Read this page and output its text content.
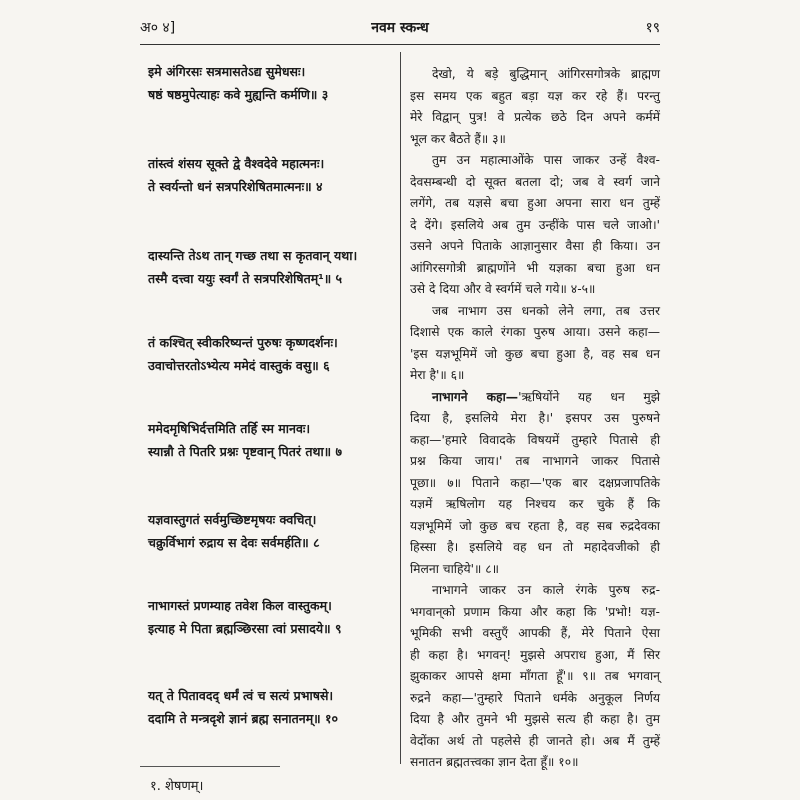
अ० ४]	नवम स्कन्ध	१९
इमे अंगिरसः सत्रमासतेऽद्य सुमेधसः।
षष्ठं षष्ठमुपेत्याहः कवे मुह्यन्ति कर्मणि॥ ३
तांस्त्वं शंसय सूक्ते द्वे वैश्वदेवे महात्मनः।
ते स्वर्यन्तो धनं सत्रपरिशेषितमात्मनः॥ ४
दास्यन्ति तेऽथ तान् गच्छ तथा स कृतवान् यथा।
तस्मै दत्त्वा ययुः स्वर्गं ते सत्रपरिशेषितम्¹॥ ५
तं कश्चित् स्वीकरिष्यन्तं पुरुषः कृष्णदर्शनः।
उवाचोत्तरतोऽभ्येत्य ममेदं वास्तुकं वसु॥ ६
ममेदमृषिभिर्दत्तमिति तर्हि स्म मानवः।
स्यान्नौ ते पितरि प्रश्नः पृष्टवान् पितरं तथा॥ ७
यज्ञवास्तुगतं सर्वमुच्छिष्टमृषयः क्वचित्।
चक्रुर्विभागं रुद्राय स देवः सर्वमर्हति॥ ८
नाभागस्तं प्रणम्याह तवेश किल वास्तुकम्।
इत्याह मे पिता ब्रह्मञ्छिरसा त्वां प्रसादये॥ ९
यत् ते पितावदद् धर्मं त्वं च सत्यं प्रभाषसे।
ददामि ते मन्त्रदृशे ज्ञानं ब्रह्म सनातनम्॥ १०
देखो, ये बड़े बुद्धिमान् आंगिरसगोत्रके ब्राह्मण
इस समय एक बहुत बड़ा यज्ञ कर रहे हैं। परन्तु
मेरे विद्वान् पुत्र! वे प्रत्येक छठे दिन अपने कर्ममें
भूल कर बैठते हैं॥ ३॥
तुम उन महात्माओंके पास जाकर उन्हें वैश्व-
देवसम्बन्धी दो सूक्त बतला दो; जब वे स्वर्ग जाने
लगेंगे, तब यज्ञसे बचा हुआ अपना सारा धन तुम्हें
दे देंगे। इसलिये अब तुम उन्हींके पास चले जाओ।'
उसने अपने पिताके आज्ञानुसार वैसा ही किया। उन
आंगिरसगोत्री ब्राह्मणोंने भी यज्ञका बचा हुआ धन
उसे दे दिया और वे स्वर्गमें चले गये॥ ४-५॥
जब नाभाग उस धनको लेने लगा, तब उत्तर
दिशासे एक काले रंगका पुरुष आया। उसने कहा—
'इस यज्ञभूमिमें जो कुछ बचा हुआ है, वह सब धन
मेरा है'॥ ६॥
नाभागने कहा—'ऋषियोंने यह धन मुझे
दिया है, इसलिये मेरा है।' इसपर उस पुरुषने
कहा—'हमारे विवादके विषयमें तुम्हारे पितासे ही
प्रश्न किया जाय।' तब नाभागने जाकर पितासे
पूछा॥ ७॥ पिताने कहा—'एक बार दक्षप्रजापतिके
यज्ञमें ऋषिलोग यह निश्चय कर चुके हैं कि
यज्ञभूमिमें जो कुछ बच रहता है, वह सब रुद्रदेवका
हिस्सा है। इसलिये वह धन तो महादेवजीको ही
मिलना चाहिये'॥ ८॥
नाभागने जाकर उन काले रंगके पुरुष रुद्र-
भगवान्‌को प्रणाम किया और कहा कि 'प्रभो! यज्ञ-
भूमिकी सभी वस्तुएँ आपकी हैं, मेरे पिताने ऐसा
ही कहा है। भगवन्! मुझसे अपराध हुआ, मैं सिर
झुकाकर आपसे क्षमा माँगता हूँ'॥ ९॥ तब भगवान्
रुद्रने कहा—'तुम्हारे पिताने धर्मके अनुकूल निर्णय
दिया है और तुमने भी मुझसे सत्य ही कहा है। तुम
वेदोंका अर्थ तो पहलेसे ही जानते हो। अब मैं तुम्हें
सनातन ब्रह्मतत्त्वका ज्ञान देता हूँ॥ १०॥
१. शेषणम्।
